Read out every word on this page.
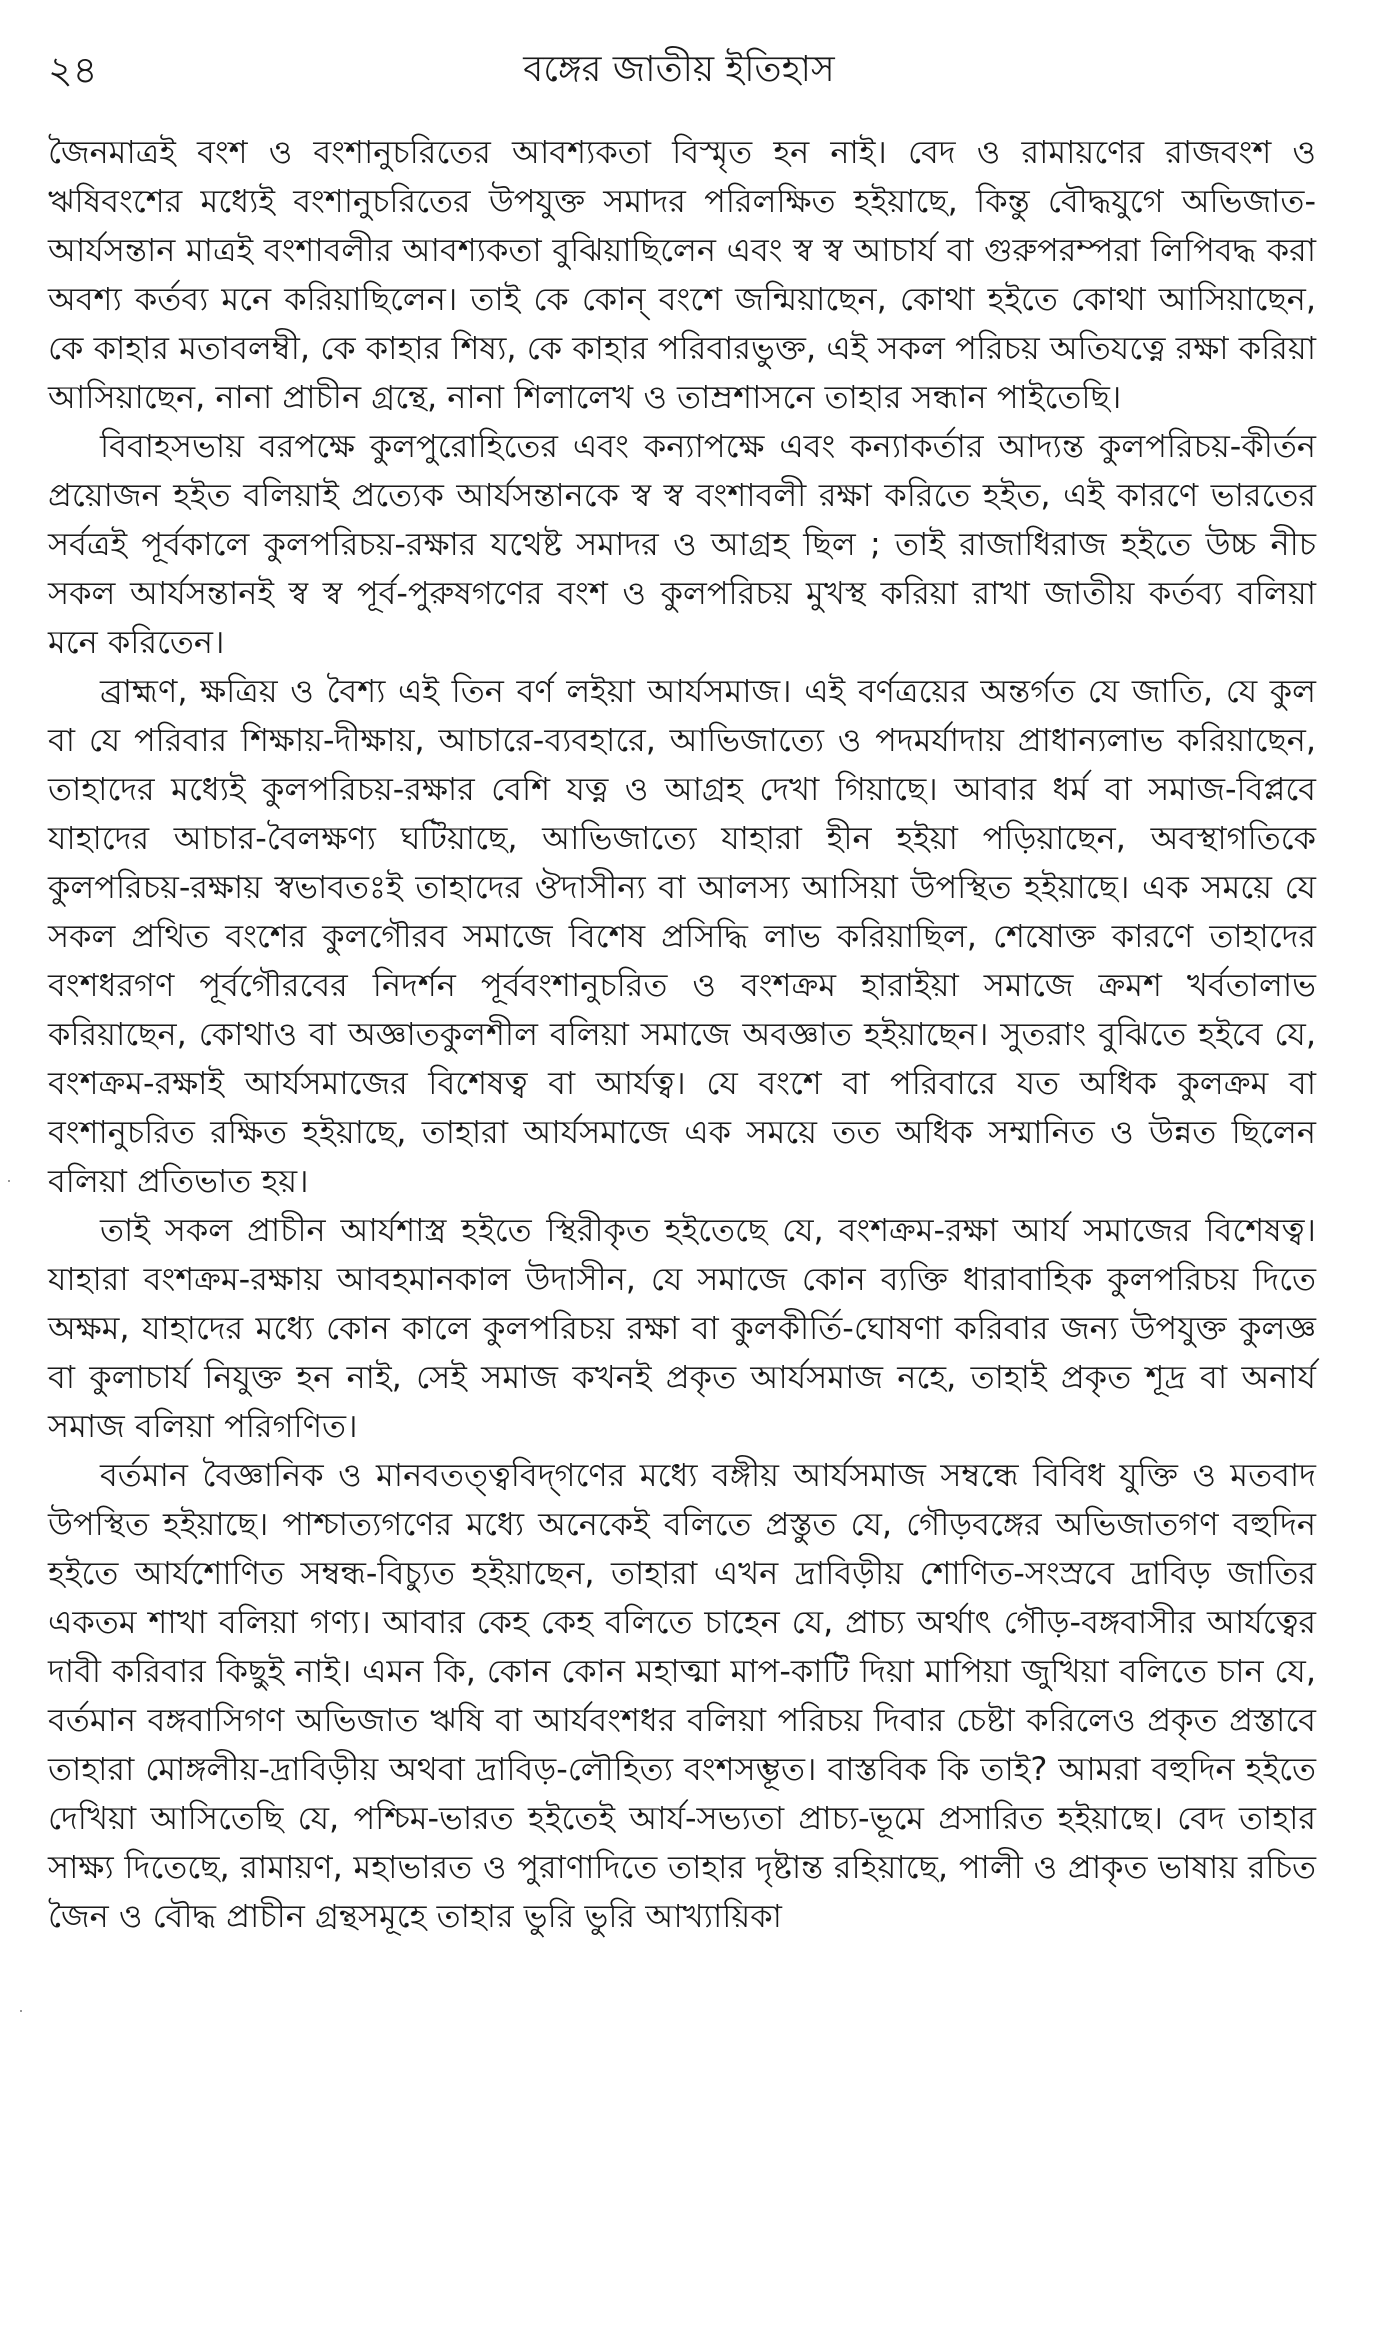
২৪	বঙ্গের জাতীয় ইতিহাস

জৈনমাত্রই বংশ ও বংশানুচরিতের আবশ্যকতা বিস্মৃত হন নাই। বেদ ও রামায়ণের রাজবংশ ও ঋষিবংশের মধ্যেই বংশানুচরিতের উপযুক্ত সমাদর পরিলক্ষিত হইয়াছে, কিন্তু বৌদ্ধযুগে অভিজাত-আর্যসন্তান মাত্রই বংশাবলীর আবশ্যকতা বুঝিয়াছিলেন এবং স্ব স্ব আচার্য বা গুরুপরম্পরা লিপিবদ্ধ করা অবশ্য কর্তব্য মনে করিয়াছিলেন। তাই কে কোন্‌ বংশে জন্মিয়াছেন, কোথা হইতে কোথা আসিয়াছেন, কে কাহার মতাবলম্বী, কে কাহার শিষ্য, কে কাহার পরিবারভুক্ত, এই সকল পরিচয় অতিযত্নে রক্ষা করিয়া আসিয়াছেন, নানা প্রাচীন গ্রন্থে, নানা শিলালেখ ও তাম্রশাসনে তাহার সন্ধান পাইতেছি।

বিবাহসভায় বরপক্ষে কুলপুরোহিতের এবং কন্যাপক্ষে এবং কন্যাকর্তার আদ্যন্ত কুলপরিচয়-কীর্তন প্রয়োজন হইত বলিয়াই প্রত্যেক আর্যসন্তানকে স্ব স্ব বংশাবলী রক্ষা করিতে হইত, এই কারণে ভারতের সর্বত্রই পূর্বকালে কুলপরিচয়-রক্ষার যথেষ্ট সমাদর ও আগ্রহ ছিল ; তাই রাজাধিরাজ হইতে উচ্চ নীচ সকল আর্যসন্তানই স্ব স্ব পূর্ব-পুরুষগণের বংশ ও কুলপরিচয় মুখস্থ করিয়া রাখা জাতীয় কর্তব্য বলিয়া মনে করিতেন।

ব্রাহ্মণ, ক্ষত্রিয় ও বৈশ্য এই তিন বর্ণ লইয়া আর্যসমাজ। এই বর্ণত্রয়ের অন্তর্গত যে জাতি, যে কুল বা যে পরিবার শিক্ষায়-দীক্ষায়, আচারে-ব্যবহারে, আভিজাত্যে ও পদমর্যাদায় প্রাধান্যলাভ করিয়াছেন, তাহাদের মধ্যেই কুলপরিচয়-রক্ষার বেশি যত্ন ও আগ্রহ দেখা গিয়াছে। আবার ধর্ম বা সমাজ-বিপ্লবে যাহাদের আচার-বৈলক্ষণ্য ঘটিয়াছে, আভিজাত্যে যাহারা হীন হইয়া পড়িয়াছেন, অবস্থাগতিকে কুলপরিচয়-রক্ষায় স্বভাবতঃই তাহাদের ঔদাসীন্য বা আলস্য আসিয়া উপস্থিত হইয়াছে। এক সময়ে যে সকল প্রথিত বংশের কুলগৌরব সমাজে বিশেষ প্রসিদ্ধি লাভ করিয়াছিল, শেষোক্ত কারণে তাহাদের বংশধরগণ পূর্বগৌরবের নিদর্শন পূর্ববংশানুচরিত ও বংশক্রম হারাইয়া সমাজে ক্রমশ খর্বতালাভ করিয়াছেন, কোথাও বা অজ্ঞাতকুলশীল বলিয়া সমাজে অবজ্ঞাত হইয়াছেন। সুতরাং বুঝিতে হইবে যে, বংশক্রম-রক্ষাই আর্যসমাজের বিশেষত্ব বা আর্যত্ব। যে বংশে বা পরিবারে যত অধিক কুলক্রম বা বংশানুচরিত রক্ষিত হইয়াছে, তাহারা আর্যসমাজে এক সময়ে তত অধিক সম্মানিত ও উন্নত ছিলেন বলিয়া প্রতিভাত হয়।

তাই সকল প্রাচীন আর্যশাস্ত্র হইতে স্থিরীকৃত হইতেছে যে, বংশক্রম-রক্ষা আর্য সমাজের বিশেষত্ব। যাহারা বংশক্রম-রক্ষায় আবহমানকাল উদাসীন, যে সমাজে কোন ব্যক্তি ধারাবাহিক কুলপরিচয় দিতে অক্ষম, যাহাদের মধ্যে কোন কালে কুলপরিচয় রক্ষা বা কুলকীর্তি-ঘোষণা করিবার জন্য উপযুক্ত কুলজ্ঞ বা কুলাচার্য নিযুক্ত হন নাই, সেই সমাজ কখনই প্রকৃত আর্যসমাজ নহে, তাহাই প্রকৃত শূদ্র বা অনার্য সমাজ বলিয়া পরিগণিত।

বর্তমান বৈজ্ঞানিক ও মানবতত্ত্ববিদ্‌গণের মধ্যে বঙ্গীয় আর্যসমাজ সম্বন্ধে বিবিধ যুক্তি ও মতবাদ উপস্থিত হইয়াছে। পাশ্চাত্যগণের মধ্যে অনেকেই বলিতে প্রস্তুত যে, গৌড়বঙ্গের অভিজাতগণ বহুদিন হইতে আর্যশোণিত সম্বন্ধ-বিচ্যুত হইয়াছেন, তাহারা এখন দ্রাবিড়ীয় শোণিত-সংস্রবে দ্রাবিড় জাতির একতম শাখা বলিয়া গণ্য। আবার কেহ কেহ বলিতে চাহেন যে, প্রাচ্য অর্থাৎ গৌড়-বঙ্গবাসীর আর্যত্বের দাবী করিবার কিছুই নাই। এমন কি, কোন কোন মহাত্মা মাপ-কাটি দিয়া মাপিয়া জুখিয়া বলিতে চান যে, বর্তমান বঙ্গবাসিগণ অভিজাত ঋষি বা আর্যবংশধর বলিয়া পরিচয় দিবার চেষ্টা করিলেও প্রকৃত প্রস্তাবে তাহারা মোঙ্গলীয়-দ্রাবিড়ীয় অথবা দ্রাবিড়-লৌহিত্য বংশসম্ভূত। বাস্তবিক কি তাই? আমরা বহুদিন হইতে দেখিয়া আসিতেছি যে, পশ্চিম-ভারত হইতেই আর্য-সভ্যতা প্রাচ্য-ভূমে প্রসারিত হইয়াছে। বেদ তাহার সাক্ষ্য দিতেছে, রামায়ণ, মহাভারত ও পুরাণাদিতে তাহার দৃষ্টান্ত রহিয়াছে, পালী ও প্রাকৃত ভাষায় রচিত জৈন ও বৌদ্ধ প্রাচীন গ্রন্থসমূহে তাহার ভুরি ভুরি আখ্যায়িকা
